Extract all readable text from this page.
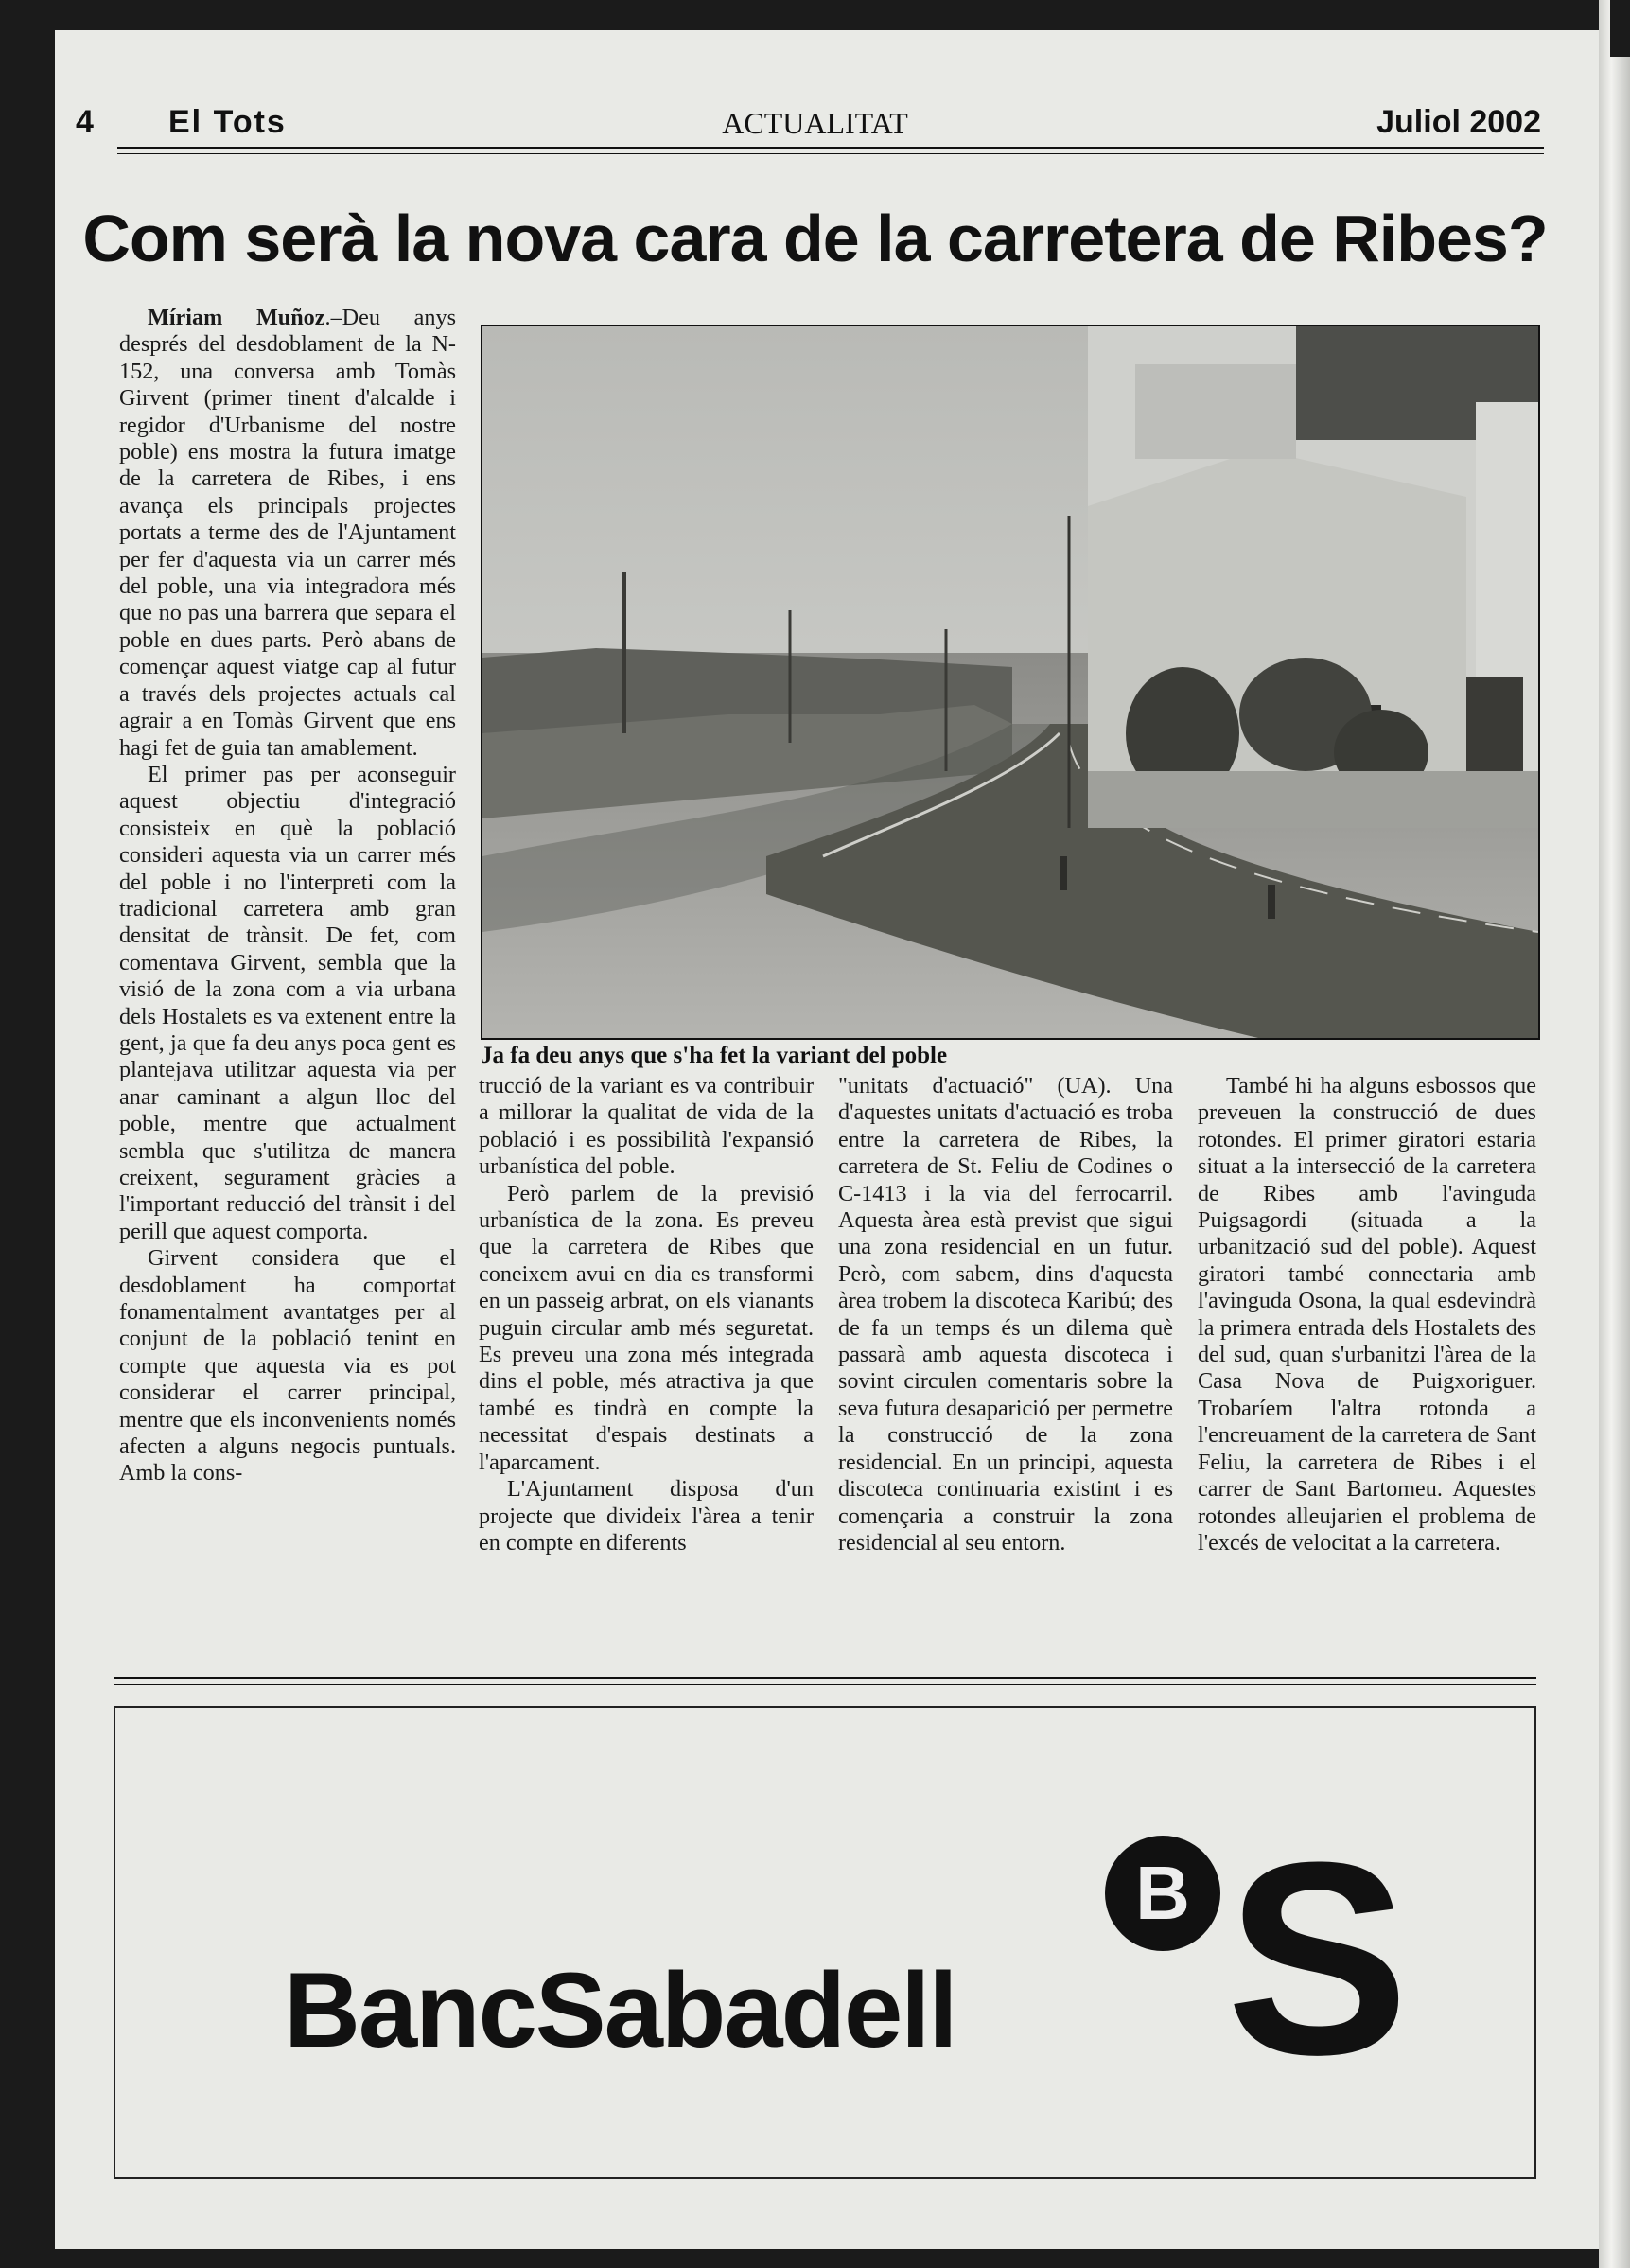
4 El Tots	ACTUALITAT	Juliol 2002
Com serà la nova cara de la carretera de Ribes?

Míriam Muñoz.–Deu anys després del desdoblament de la N-152, una conversa amb Tomàs Girvent (primer tinent d'alcalde i regidor d'Urbanisme del nostre poble) ens mostra la futura imatge de la carretera de Ribes, i ens avança els principals projectes portats a terme des de l'Ajuntament per fer d'aquesta via un carrer més del poble, una via integradora més que no pas una barrera que separa el poble en dues parts. Però abans de començar aquest viatge cap al futur a través dels projectes actuals cal agrair a en Tomàs Girvent que ens hagi fet de guia tan amablement.

El primer pas per aconseguir aquest objectiu d'integració consisteix en què la població consideri aquesta via un carrer més del poble i no l'interpreti com la tradicional carretera amb gran densitat de trànsit. De fet, com comentava Girvent, sembla que la visió de la zona com a via urbana dels Hostalets es va extenent entre la gent, ja que fa deu anys poca gent es plantejava utilitzar aquesta via per anar caminant a algun lloc del poble, mentre que actualment sembla que s'utilitza de manera creixent, segurament gràcies a l'important reducció del trànsit i del perill que aquest comporta.

Girvent considera que el desdoblament ha comportat fonamentalment avantatges per al conjunt de la població tenint en compte que aquesta via es pot considerar el carrer principal, mentre que els inconvenients només afecten a alguns negocis puntuals. Amb la cons-

Ja fa deu anys que s'ha fet la variant del poble

trucció de la variant es va contribuir a millorar la qualitat de vida de la població i es possibilità l'expansió urbanística del poble.

Però parlem de la previsió urbanística de la zona. Es preveu que la carretera de Ribes que coneixem avui en dia es transformi en un passeig arbrat, on els vianants puguin circular amb més seguretat. Es preveu una zona més integrada dins el poble, més atractiva ja que també es tindrà en compte la necessitat d'espais destinats a l'aparcament.

L'Ajuntament disposa d'un projecte que divideix l'àrea a tenir en compte en diferents

"unitats d'actuació" (UA). Una d'aquestes unitats d'actuació es troba entre la carretera de Ribes, la carretera de St. Feliu de Codines o C-1413 i la via del ferrocarril. Aquesta àrea està previst que sigui una zona residencial en un futur. Però, com sabem, dins d'aquesta àrea trobem la discoteca Karibú; des de fa un temps és un dilema què passarà amb aquesta discoteca i sovint circulen comentaris sobre la seva futura desaparició per permetre la construcció de la zona residencial. En un principi, aquesta discoteca continuaria existint i es començaria a construir la zona residencial al seu entorn.

També hi ha alguns esbossos que preveuen la construcció de dues rotondes. El primer giratori estaria situat a la intersecció de la carretera de Ribes amb l'avinguda Puigsagordi (situada a la urbanització sud del poble). Aquest giratori també connectaria amb l'avinguda Osona, la qual esdevindrà la primera entrada dels Hostalets des del sud, quan s'urbanitzi l'àrea de la Casa Nova de Puigxoriguer. Trobaríem l'altra rotonda a l'encreuament de la carretera de Sant Feliu, la carretera de Ribes i el carrer de Sant Bartomeu. Aquestes rotondes alleujarien el problema de l'excés de velocitat a la carretera.

BancSabadell
B S
